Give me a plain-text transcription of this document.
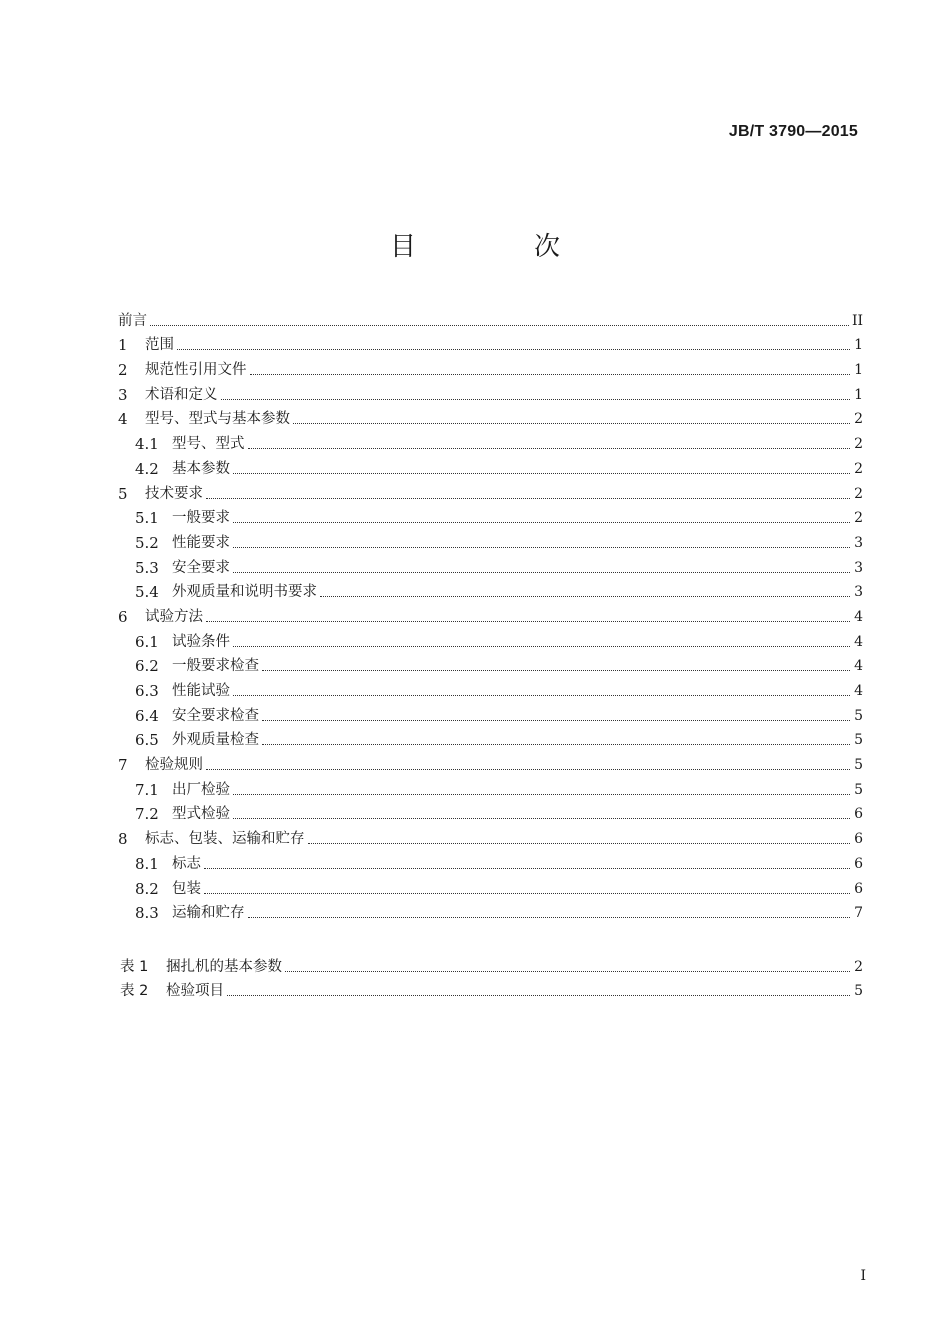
JB/T 3790—2015
目　次
前言	II
1	范围	1
2	规范性引用文件	1
3	术语和定义	1
4	型号、型式与基本参数	2
4.1 型号、型式	2
4.2 基本参数	2
5	技术要求	2
5.1 一般要求	2
5.2 性能要求	3
5.3 安全要求	3
5.4 外观质量和说明书要求	3
6	试验方法	4
6.1 试验条件	4
6.2 一般要求检查	4
6.3 性能试验	4
6.4 安全要求检查	5
6.5 外观质量检查	5
7	检验规则	5
7.1 出厂检验	5
7.2 型式检验	6
8	标志、包装、运输和贮存	6
8.1 标志	6
8.2 包装	6
8.3 运输和贮存	7
表 1	捆扎机的基本参数	2
表 2	检验项目	5
I
